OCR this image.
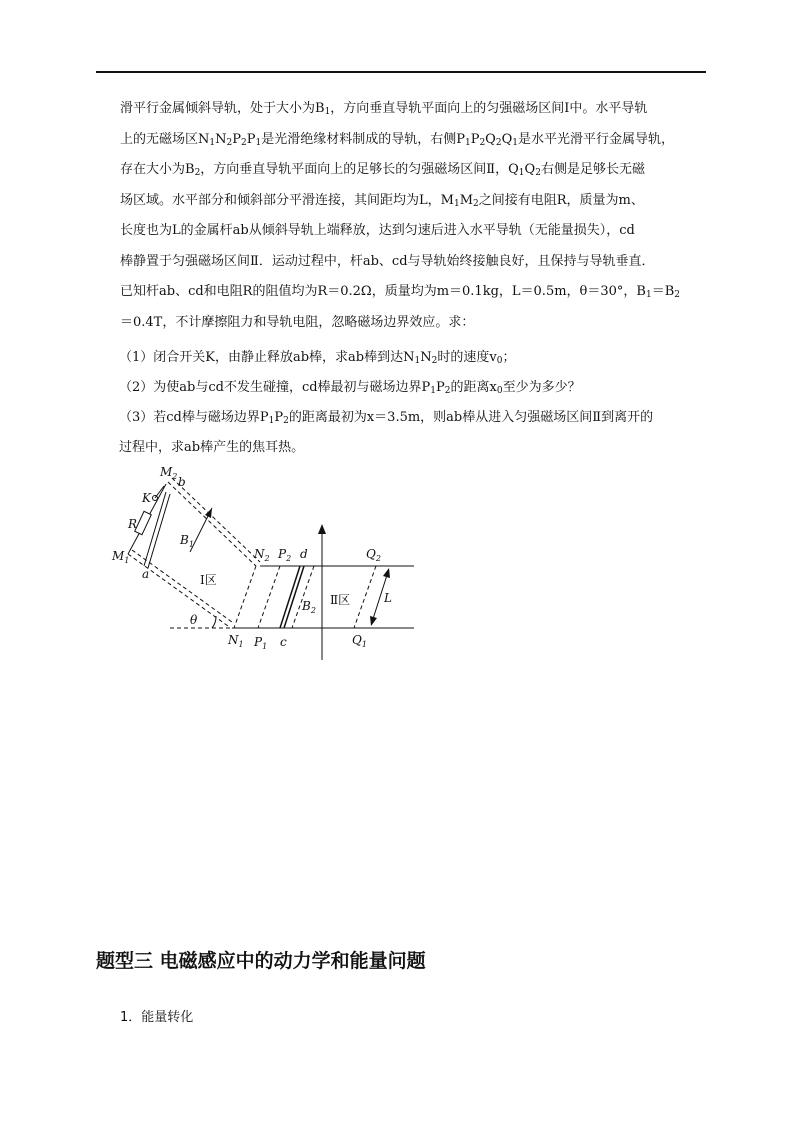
滑平行金属倾斜导轨，处于大小为$B_1$，方向垂直导轨平面向上的匀强磁场区间Ⅰ中。水平导轨
上的无磁场区$N_1N_2P_2P_1$是光滑绝缘材料制成的导轨，右侧$P_1P_2Q_2Q_1$是水平光滑平行金属导轨，
存在大小为$B_2$，方向垂直导轨平面向上的足够长的匀强磁场区间Ⅱ，$Q_1Q_2$右侧是足够长无磁
场区域。水平部分和倾斜部分平滑连接，其间距均为L，$M_1M_2$之间接有电阻R，质量为m、
长度也为L的金属杆ab从倾斜导轨上端释放，达到匀速后进入水平导轨（无能量损失），cd
棒静置于匀强磁场区间Ⅱ．运动过程中，杆ab、cd与导轨始终接触良好，且保持与导轨垂直．
已知杆ab、cd和电阻R的阻值均为R＝0.2Ω，质量均为m＝0.1kg，L＝0.5m，θ＝30°，$B_1=B_2$
＝0.4T，不计摩擦阻力和导轨电阻，忽略磁场边界效应。求：
（1）闭合开关K，由静止释放ab棒，求ab棒到达$N_1N_2$时的速度$v_0$；
（2）为使ab与cd不发生碰撞，cd棒最初与磁场边界$P_1P_2$的距离$x_0$至少为多少？
（3）若cd棒与磁场边界$P_1P_2$的距离最初为x＝3.5m，则ab棒从进入匀强磁场区间Ⅱ到离开的
过程中，求ab棒产生的焦耳热。
$M_2$ b
K
R
$M_1$
a
$B_1$
Ⅰ区
θ
$N_2$ $P_2$ d	$Q_2$
$B_2$
Ⅱ区	L
$N_1$ $P_1$ c	$Q_1$
题型三 电磁感应中的动力学和能量问题
1．能量转化
